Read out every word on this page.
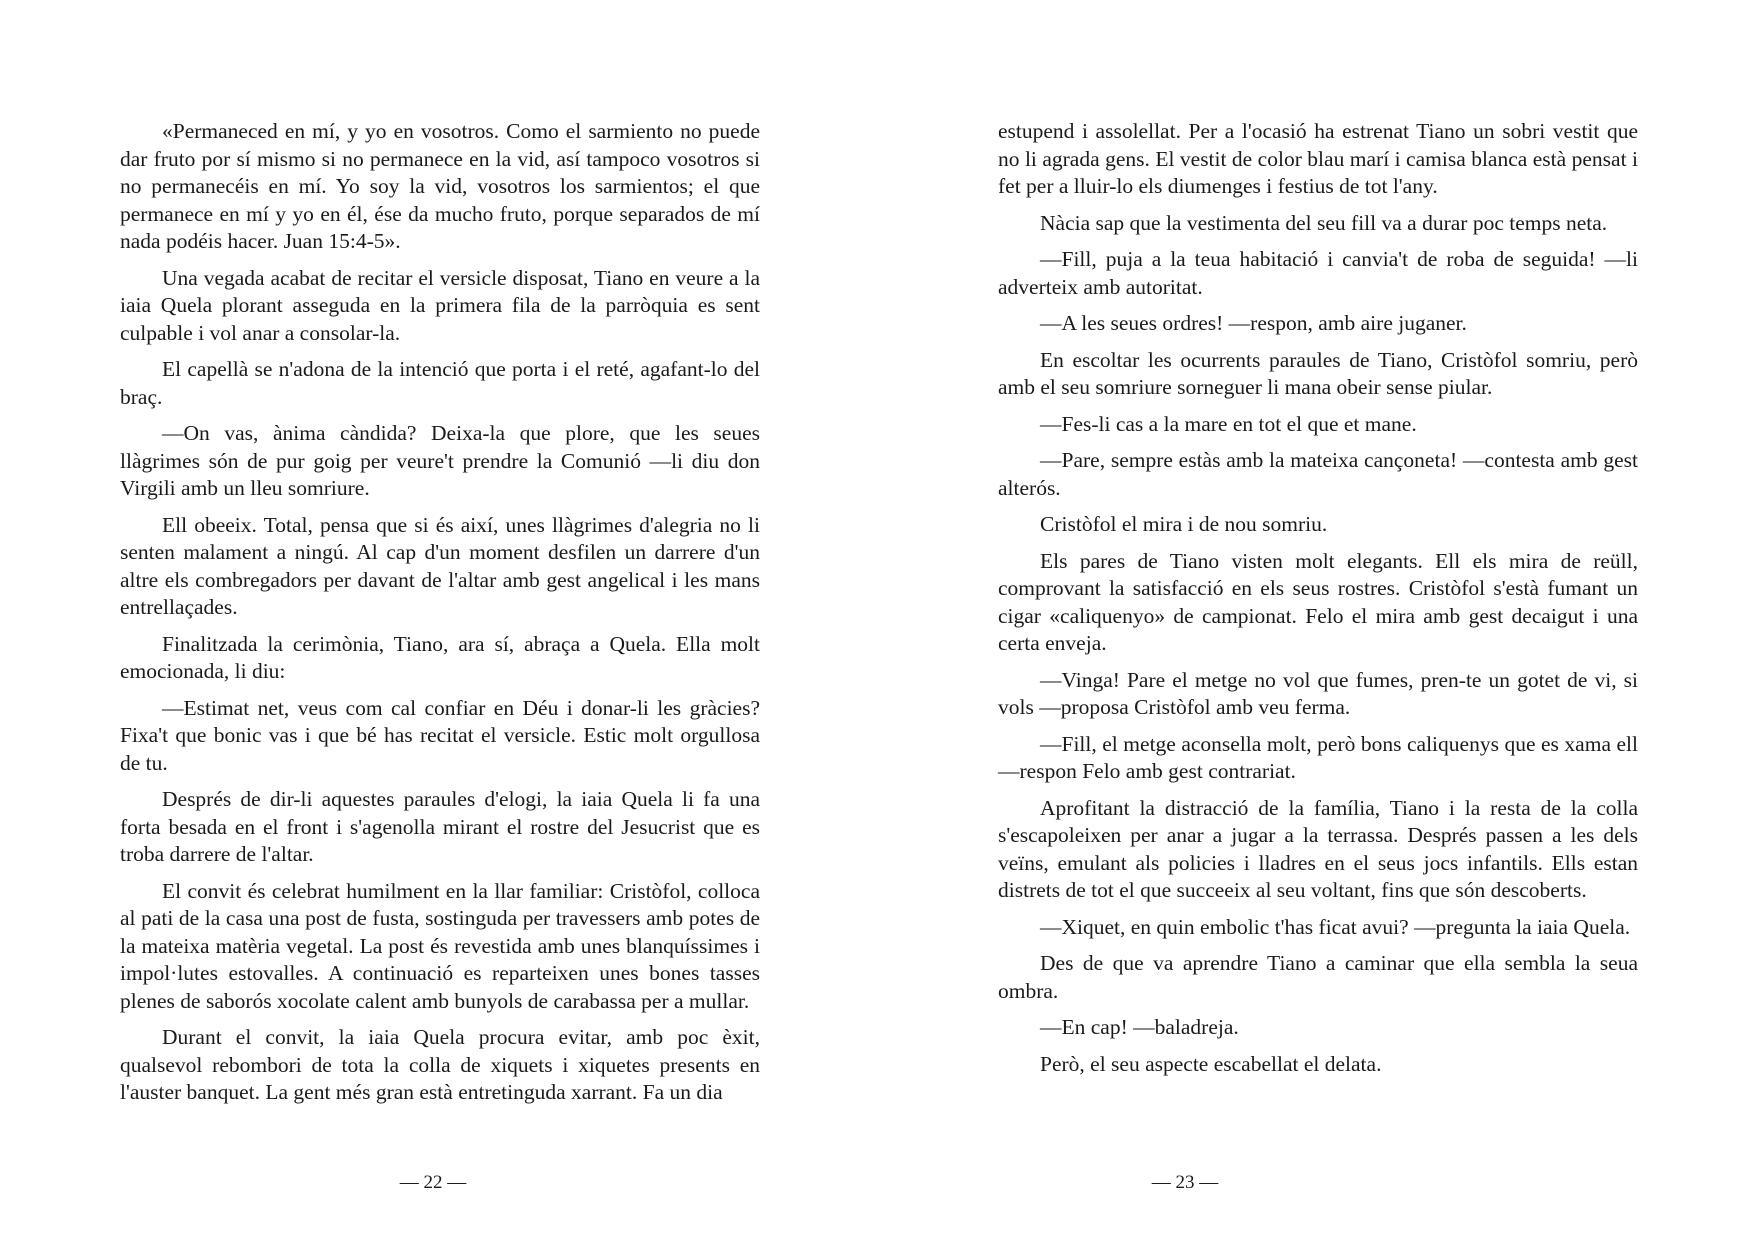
«Permaneced en mí, y yo en vosotros. Como el sarmiento no puede dar fruto por sí mismo si no permanece en la vid, así tampoco vosotros si no permanecéis en mí. Yo soy la vid, vosotros los sarmientos; el que permanece en mí y yo en él, ése da mucho fruto, porque separados de mí nada podéis hacer. Juan 15:4-5».

Una vegada acabat de recitar el versicle disposat, Tiano en veure a la iaia Quela plorant asseguda en la primera fila de la parròquia es sent culpable i vol anar a consolar-la.

El capellà se n'adona de la intenció que porta i el reté, agafant-lo del braç.

—On vas, ànima càndida? Deixa-la que plore, que les seues llàgrimes són de pur goig per veure't prendre la Comunió —li diu don Virgili amb un lleu somriure.

Ell obeeix. Total, pensa que si és així, unes llàgrimes d'alegria no li senten malament a ningú. Al cap d'un moment desfilen un darrere d'un altre els combregadors per davant de l'altar amb gest angelical i les mans entrellaçades.

Finalitzada la cerimònia, Tiano, ara sí, abraça a Quela. Ella molt emocionada, li diu:

—Estimat net, veus com cal confiar en Déu i donar-li les gràcies? Fixa't que bonic vas i que bé has recitat el versicle. Estic molt orgullosa de tu.

Després de dir-li aquestes paraules d'elogi, la iaia Quela li fa una forta besada en el front i s'agenolla mirant el rostre del Jesucrist que es troba darrere de l'altar.

El convit és celebrat humilment en la llar familiar: Cristòfol, colloca al pati de la casa una post de fusta, sostinguda per travessers amb potes de la mateixa matèria vegetal. La post és revestida amb unes blanquíssimes i impol·lutes estovalles. A continuació es reparteixen unes bones tasses plenes de saborós xocolate calent amb bunyols de carabassa per a mullar.

Durant el convit, la iaia Quela procura evitar, amb poc èxit, qualsevol rebombori de tota la colla de xiquets i xiquetes presents en l'auster banquet. La gent més gran està entretinguda xarrant. Fa un dia

— 22 —

estupend i assolellat. Per a l'ocasió ha estrenat Tiano un sobri vestit que no li agrada gens. El vestit de color blau marí i camisa blanca està pensat i fet per a lluir-lo els diumenges i festius de tot l'any.

Nàcia sap que la vestimenta del seu fill va a durar poc temps neta.

—Fill, puja a la teua habitació i canvia't de roba de seguida! —li adverteix amb autoritat.

—A les seues ordres! —respon, amb aire juganer.

En escoltar les ocurrents paraules de Tiano, Cristòfol somriu, però amb el seu somriure sorneguer li mana obeir sense piular.

—Fes-li cas a la mare en tot el que et mane.

—Pare, sempre estàs amb la mateixa cançoneta! —contesta amb gest alterós.

Cristòfol el mira i de nou somriu.

Els pares de Tiano visten molt elegants. Ell els mira de reüll, comprovant la satisfacció en els seus rostres. Cristòfol s'està fumant un cigar «caliquenyo» de campionat. Felo el mira amb gest decaigut i una certa enveja.

—Vinga! Pare el metge no vol que fumes, pren-te un gotet de vi, si vols —proposa Cristòfol amb veu ferma.

—Fill, el metge aconsella molt, però bons caliquenys que es xama ell —respon Felo amb gest contrariat.

Aprofitant la distracció de la família, Tiano i la resta de la colla s'escapoleixen per anar a jugar a la terrassa. Després passen a les dels veïns, emulant als policies i lladres en el seus jocs infantils. Ells estan distrets de tot el que succeeix al seu voltant, fins que són descoberts.

—Xiquet, en quin embolic t'has ficat avui? —pregunta la iaia Quela.

Des de que va aprendre Tiano a caminar que ella sembla la seua ombra.

—En cap! —baladreja.

Però, el seu aspecte escabellat el delata.

— 23 —
